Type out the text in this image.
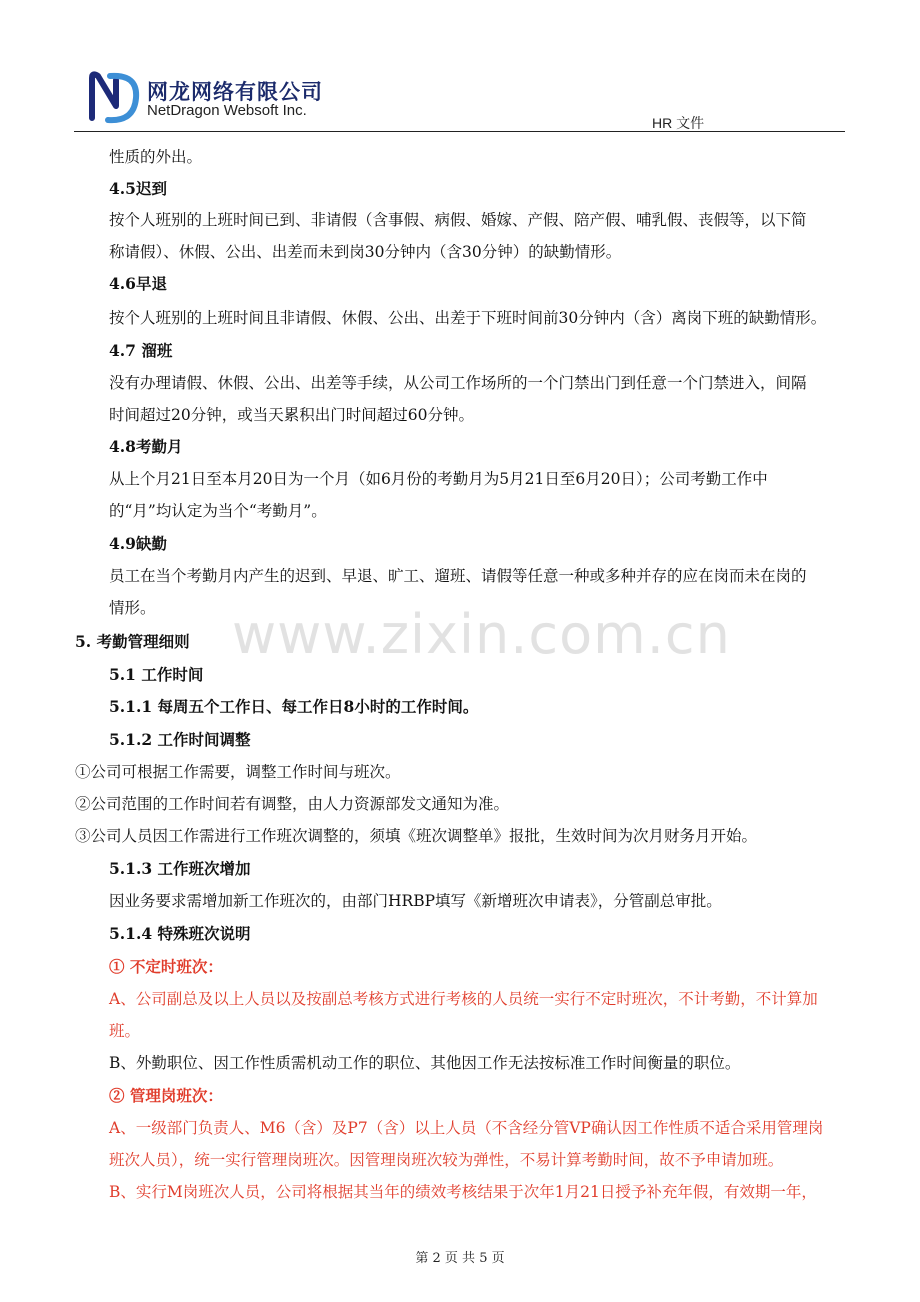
网龙网络有限公司
NetDragon Websoft Inc.
HR 文件
www.zixin.com.cn
性质的外出。
4.5迟到
按个人班别的上班时间已到、非请假（含事假、病假、婚嫁、产假、陪产假、哺乳假、丧假等，以下简
称请假）、休假、公出、出差而未到岗30分钟内（含30分钟）的缺勤情形。
4.6早退
按个人班别的上班时间且非请假、休假、公出、出差于下班时间前30分钟内（含）离岗下班的缺勤情形。
4.7 溜班
没有办理请假、休假、公出、出差等手续，从公司工作场所的一个门禁出门到任意一个门禁进入，间隔
时间超过20分钟，或当天累积出门时间超过60分钟。
4.8考勤月
从上个月21日至本月20日为一个月（如6月份的考勤月为5月21日至6月20日）；公司考勤工作中
的“月”均认定为当个“考勤月”。
4.9缺勤
员工在当个考勤月内产生的迟到、早退、旷工、遛班、请假等任意一种或多种并存的应在岗而未在岗的
情形。
5. 考勤管理细则
5.1 工作时间
5.1.1 每周五个工作日、每工作日8小时的工作时间。
5.1.2 工作时间调整
①公司可根据工作需要，调整工作时间与班次。
②公司范围的工作时间若有调整，由人力资源部发文通知为准。
③公司人员因工作需进行工作班次调整的，须填《班次调整单》报批，生效时间为次月财务月开始。
5.1.3 工作班次增加
因业务要求需增加新工作班次的，由部门HRBP填写《新增班次申请表》，分管副总审批。
5.1.4 特殊班次说明
① 不定时班次：
A、公司副总及以上人员以及按副总考核方式进行考核的人员统一实行不定时班次，不计考勤，不计算加
班。
B、外勤职位、因工作性质需机动工作的职位、其他因工作无法按标准工作时间衡量的职位。
② 管理岗班次：
A、一级部门负责人、M6（含）及P7（含）以上人员（不含经分管VP确认因工作性质不适合采用管理岗
班次人员），统一实行管理岗班次。因管理岗班次较为弹性，不易计算考勤时间，故不予申请加班。
B、实行M岗班次人员，公司将根据其当年的绩效考核结果于次年1月21日授予补充年假，有效期一年，
第 2 页 共 5 页
